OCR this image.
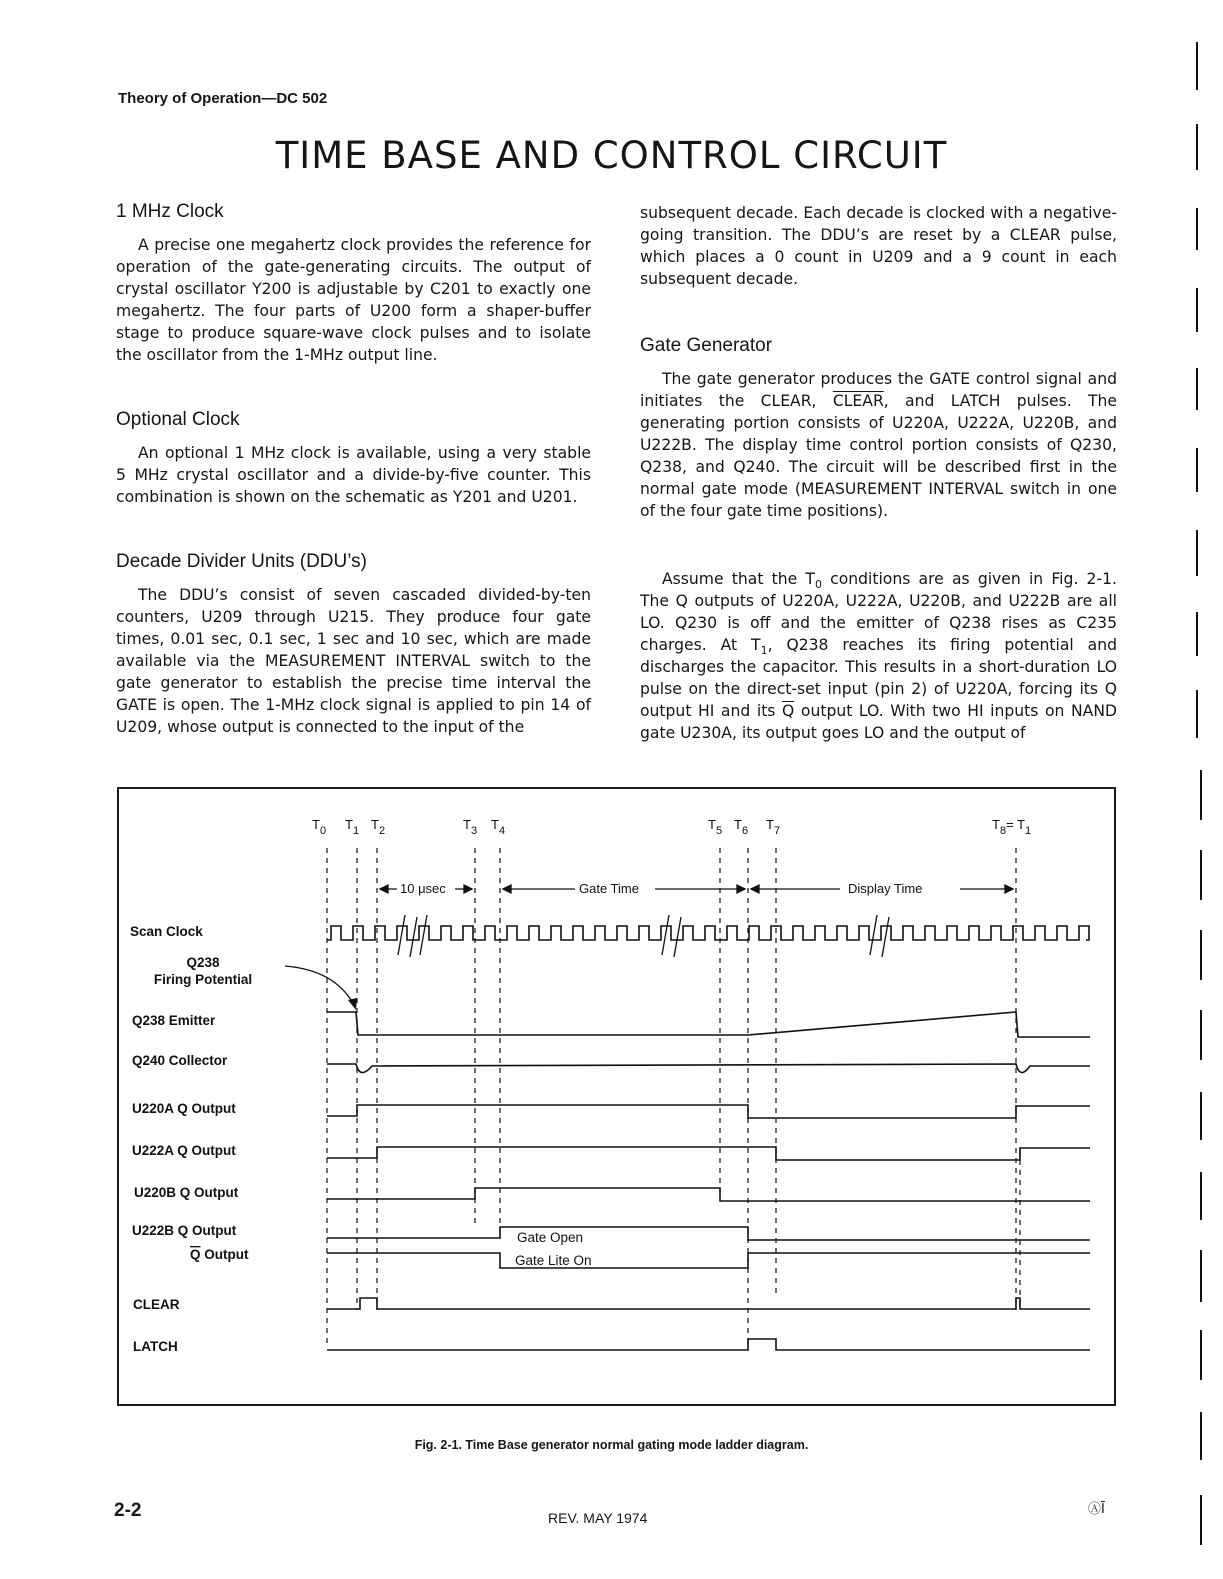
Theory of Operation—DC 502
TIME BASE AND CONTROL CIRCUIT
1 MHz Clock

A precise one megahertz clock provides the reference for operation of the gate-generating circuits. The output of crystal oscillator Y200 is adjustable by C201 to exactly one megahertz. The four parts of U200 form a shaper-buffer stage to produce square-wave clock pulses and to isolate the oscillator from the 1-MHz output line.

Optional Clock

An optional 1 MHz clock is available, using a very stable 5 MHz crystal oscillator and a divide-by-five counter. This combination is shown on the schematic as Y201 and U201.

Decade Divider Units (DDU’s)

The DDU’s consist of seven cascaded divided-by-ten counters, U209 through U215. They produce four gate times, 0.01 sec, 0.1 sec, 1 sec and 10 sec, which are made available via the MEASUREMENT INTERVAL switch to the gate generator to establish the precise time interval the GATE is open. The 1-MHz clock signal is applied to pin 14 of U209, whose output is connected to the input of the

subsequent decade. Each decade is clocked with a negative-going transition. The DDU’s are reset by a CLEAR pulse, which places a 0 count in U209 and a 9 count in each subsequent decade.

Gate Generator

The gate generator produces the GATE control signal and initiates the CLEAR, CLEAR, and LATCH pulses. The generating portion consists of U220A, U222A, U220B, and U222B. The display time control portion consists of Q230, Q238, and Q240. The circuit will be described first in the normal gate mode (MEASUREMENT INTERVAL switch in one of the four gate time positions).

Assume that the $T_0$ conditions are as given in Fig. 2-1. The Q outputs of U220A, U222A, U220B, and U222B are all LO. Q230 is off and the emitter of Q238 rises as C235 charges. At $T_1$, Q238 reaches its firing potential and discharges the capacitor. This results in a short-duration LO pulse on the direct-set input (pin 2) of U220A, forcing its Q output HI and its $\overline{Q}$ output LO. With two HI inputs on NAND gate U230A, its output goes LO and the output of

$T_0$ $T_1$ $T_2$	$T_3$ $T_4$	$T_5$ $T_6$ $T_7$	$T_8= T_1$
10 μsec	Gate Time	Display Time
Scan Clock
Q238
Firing Potential
Q238 Emitter
Q240 Collector
U220A Q Output
U222A Q Output
U220B Q Output
U222B Q Output
Q Output
CLEAR
LATCH
Gate Open
Gate Lite On
Fig. 2-1. Time Base generator normal gating mode ladder diagram.
2-2	REV. MAY 1974
ⒶĪ
